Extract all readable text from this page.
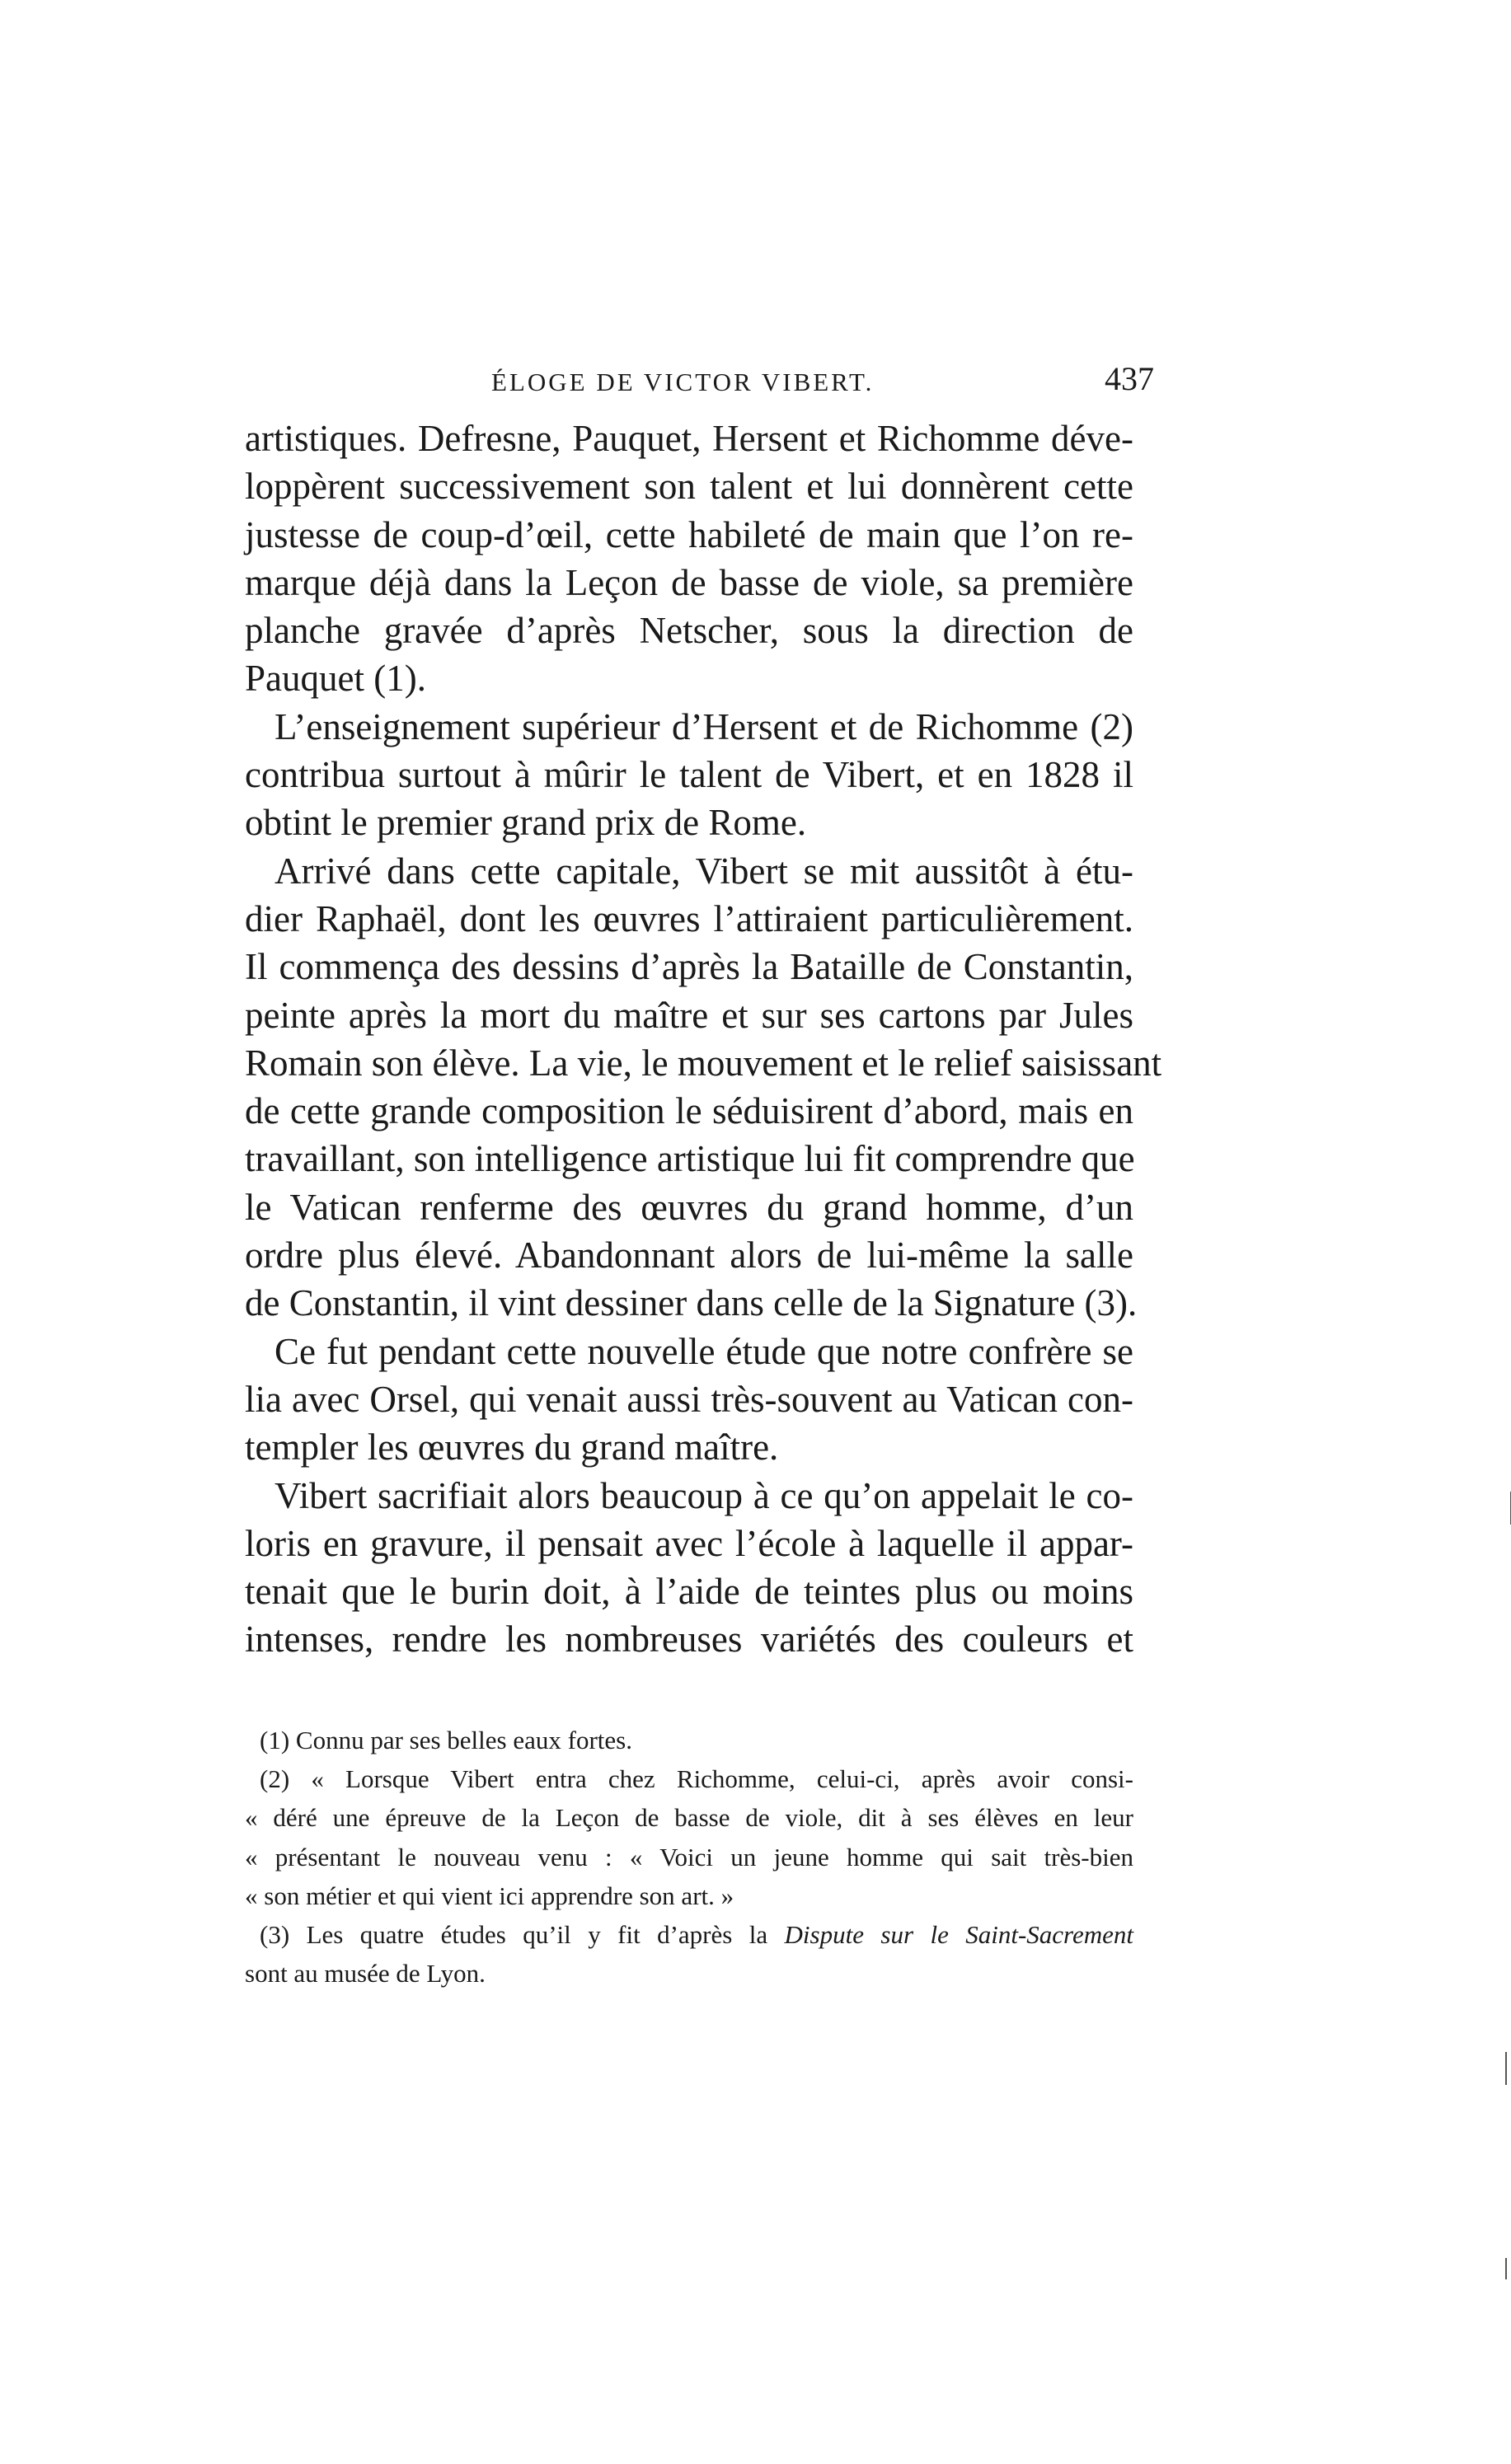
ÉLOGE DE VICTOR VIBERT.	437
artistiques. Defresne, Pauquet, Hersent et Richomme déve-
loppèrent successivement son talent et lui donnèrent cette
justesse de coup-d’œil, cette habileté de main que l’on re-
marque déjà dans la Leçon de basse de viole, sa première
planche gravée d’après Netscher, sous la direction de
Pauquet (1).
L’enseignement supérieur d’Hersent et de Richomme (2)
contribua surtout à mûrir le talent de Vibert, et en 1828 il
obtint le premier grand prix de Rome.
Arrivé dans cette capitale, Vibert se mit aussitôt à étu-
dier Raphaël, dont les œuvres l’attiraient particulièrement.
Il commença des dessins d’après la Bataille de Constantin,
peinte après la mort du maître et sur ses cartons par Jules
Romain son élève. La vie, le mouvement et le relief saisissant
de cette grande composition le séduisirent d’abord, mais en
travaillant, son intelligence artistique lui fit comprendre que
le Vatican renferme des œuvres du grand homme, d’un
ordre plus élevé. Abandonnant alors de lui-même la salle
de Constantin, il vint dessiner dans celle de la Signature (3).
Ce fut pendant cette nouvelle étude que notre confrère se
lia avec Orsel, qui venait aussi très-souvent au Vatican con-
templer les œuvres du grand maître.
Vibert sacrifiait alors beaucoup à ce qu’on appelait le co-
loris en gravure, il pensait avec l’école à laquelle il appar-
tenait que le burin doit, à l’aide de teintes plus ou moins
intenses, rendre les nombreuses variétés des couleurs et
(1) Connu par ses belles eaux fortes.
(2) « Lorsque Vibert entra chez Richomme, celui-ci, après avoir consi-
« déré une épreuve de la Leçon de basse de viole, dit à ses élèves en leur
« présentant le nouveau venu : « Voici un jeune homme qui sait très-bien
« son métier et qui vient ici apprendre son art. »
(3) Les quatre études qu’il y fit d’après la Dispute sur le Saint-Sacrement
sont au musée de Lyon.
